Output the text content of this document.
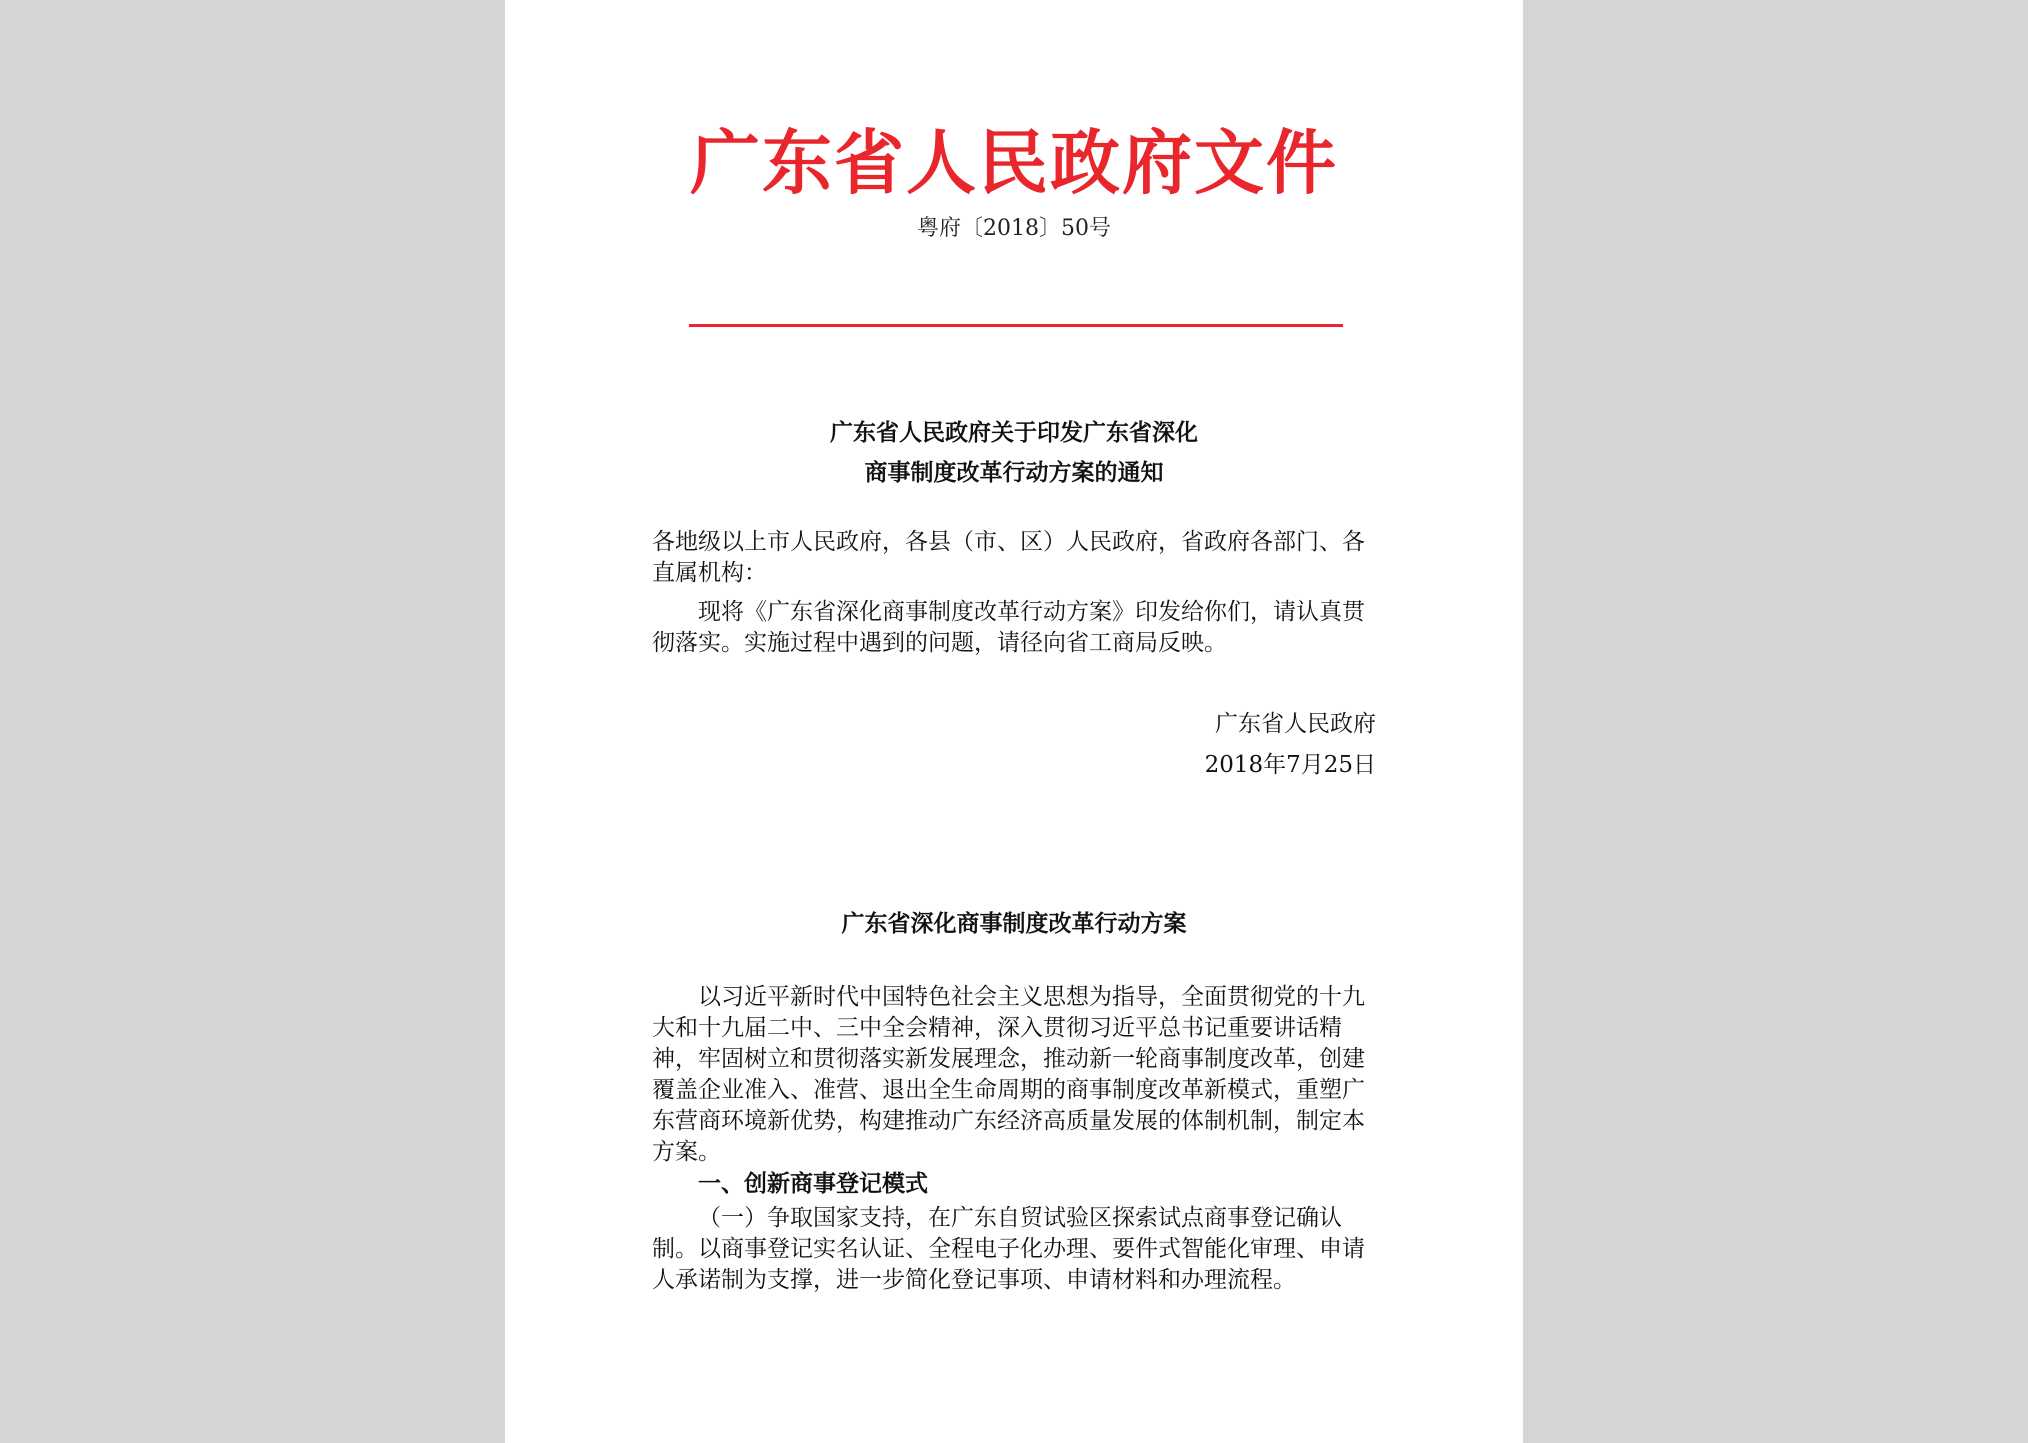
广东省人民政府文件
粤府〔2018〕50号
广东省人民政府关于印发广东省深化
商事制度改革行动方案的通知

各地级以上市人民政府，各县（市、区）人民政府，省政府各部门、各直属机构：

现将《广东省深化商事制度改革行动方案》印发给你们，请认真贯彻落实。实施过程中遇到的问题，请径向省工商局反映。

广东省人民政府
2018年7月25日
广东省深化商事制度改革行动方案

以习近平新时代中国特色社会主义思想为指导，全面贯彻党的十九大和十九届二中、三中全会精神，深入贯彻习近平总书记重要讲话精神，牢固树立和贯彻落实新发展理念，推动新一轮商事制度改革，创建覆盖企业准入、准营、退出全生命周期的商事制度改革新模式，重塑广东营商环境新优势，构建推动广东经济高质量发展的体制机制，制定本方案。

一、创新商事登记模式

（一）争取国家支持，在广东自贸试验区探索试点商事登记确认制。以商事登记实名认证、全程电子化办理、要件式智能化审理、申请人承诺制为支撑，进一步简化登记事项、申请材料和办理流程。
